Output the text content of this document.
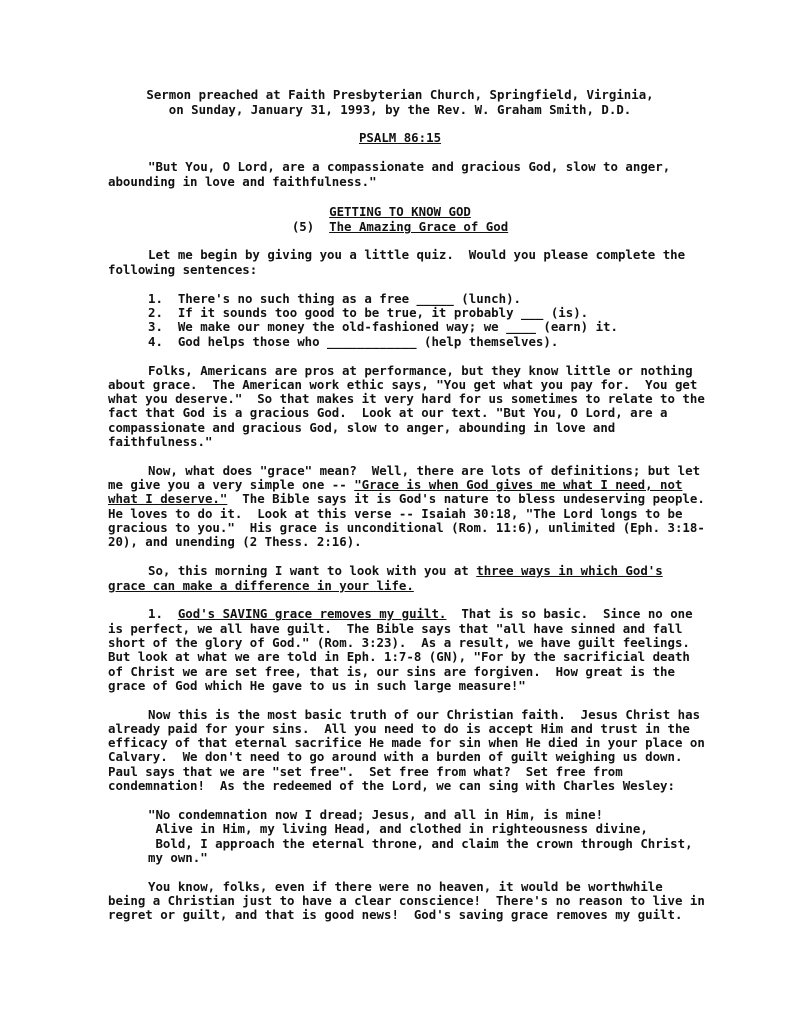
Sermon preached at Faith Presbyterian Church, Springfield, Virginia,
on Sunday, January 31, 1993, by the Rev. W. Graham Smith, D.D.
PSALM 86:15
"But You, O Lord, are a compassionate and gracious God, slow to anger,
abounding in love and faithfulness."
GETTING TO KNOW GOD
(5) The Amazing Grace of God
Let me begin by giving you a little quiz.  Would you please complete the
following sentences:
1.  There's no such thing as a free _____ (lunch).
2.  If it sounds too good to be true, it probably ___ (is).
3.  We make our money the old-fashioned way; we ____ (earn) it.
4.  God helps those who ____________ (help themselves).
Folks, Americans are pros at performance, but they know little or nothing
about grace.  The American work ethic says, "You get what you pay for.  You get
what you deserve."  So that makes it very hard for us sometimes to relate to the
fact that God is a gracious God.  Look at our text. "But You, O Lord, are a
compassionate and gracious God, slow to anger, abounding in love and
faithfulness."
Now, what does "grace" mean?  Well, there are lots of definitions; but let
me give you a very simple one -- "Grace is when God gives me what I need, not
what I deserve."  The Bible says it is God's nature to bless undeserving people.
He loves to do it.  Look at this verse -- Isaiah 30:18, "The Lord longs to be
gracious to you."  His grace is unconditional (Rom. 11:6), unlimited (Eph. 3:18-
20), and unending (2 Thess. 2:16).
So, this morning I want to look with you at three ways in which God's
grace can make a difference in your life.
1.  God's SAVING grace removes my guilt.  That is so basic.  Since no one
is perfect, we all have guilt.  The Bible says that "all have sinned and fall
short of the glory of God." (Rom. 3:23).  As a result, we have guilt feelings.
But look at what we are told in Eph. 1:7-8 (GN), "For by the sacrificial death
of Christ we are set free, that is, our sins are forgiven.  How great is the
grace of God which He gave to us in such large measure!"
Now this is the most basic truth of our Christian faith.  Jesus Christ has
already paid for your sins.  All you need to do is accept Him and trust in the
efficacy of that eternal sacrifice He made for sin when He died in your place on
Calvary.  We don't need to go around with a burden of guilt weighing us down.
Paul says that we are "set free".  Set free from what?  Set free from
condemnation!  As the redeemed of the Lord, we can sing with Charles Wesley:
"No condemnation now I dread; Jesus, and all in Him, is mine!
Alive in Him, my living Head, and clothed in righteousness divine,
Bold, I approach the eternal throne, and claim the crown through Christ,
my own."
You know, folks, even if there were no heaven, it would be worthwhile
being a Christian just to have a clear conscience!  There's no reason to live in
regret or guilt, and that is good news!  God's saving grace removes my guilt.
